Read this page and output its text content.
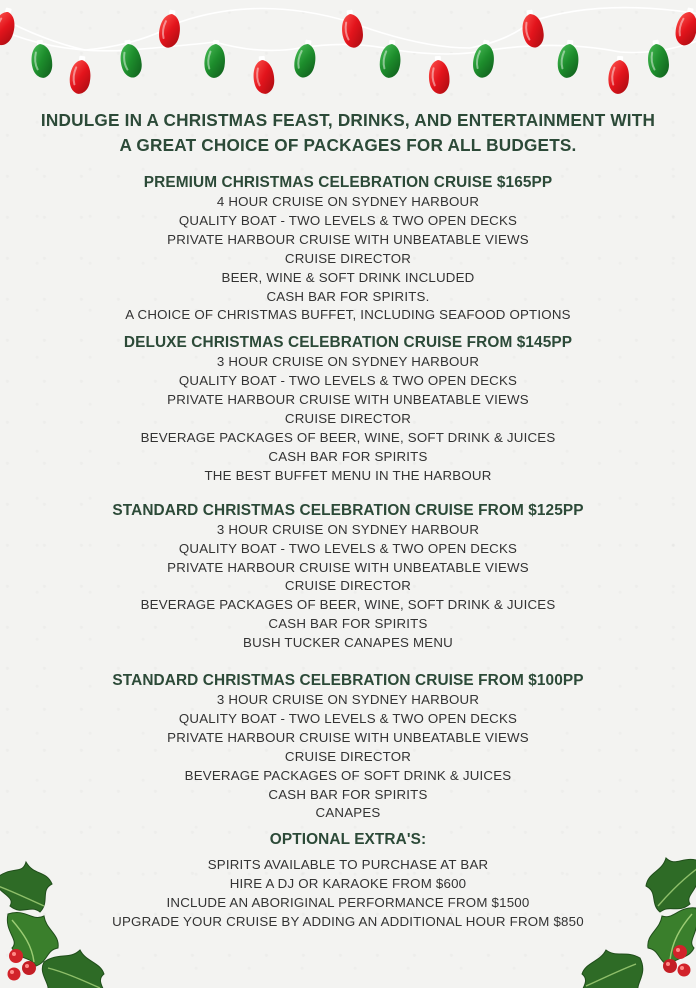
INDULGE IN A CHRISTMAS FEAST, DRINKS, AND ENTERTAINMENT WITH
A GREAT CHOICE OF PACKAGES FOR ALL BUDGETS.
PREMIUM CHRISTMAS CELEBRATION CRUISE $165PP
4 HOUR CRUISE ON SYDNEY HARBOUR
QUALITY BOAT - TWO LEVELS & TWO OPEN DECKS
PRIVATE HARBOUR CRUISE WITH UNBEATABLE VIEWS
CRUISE DIRECTOR
BEER, WINE & SOFT DRINK INCLUDED
CASH BAR FOR SPIRITS.
A CHOICE OF CHRISTMAS BUFFET, INCLUDING SEAFOOD OPTIONS
DELUXE CHRISTMAS CELEBRATION CRUISE FROM $145PP
3 HOUR CRUISE ON SYDNEY HARBOUR
QUALITY BOAT - TWO LEVELS & TWO OPEN DECKS
PRIVATE HARBOUR CRUISE WITH UNBEATABLE VIEWS
CRUISE DIRECTOR
BEVERAGE PACKAGES OF BEER, WINE, SOFT DRINK & JUICES
CASH BAR FOR SPIRITS
THE BEST BUFFET MENU IN THE HARBOUR
STANDARD CHRISTMAS CELEBRATION CRUISE FROM $125PP
3 HOUR CRUISE ON SYDNEY HARBOUR
QUALITY BOAT - TWO LEVELS & TWO OPEN DECKS
PRIVATE HARBOUR CRUISE WITH UNBEATABLE VIEWS
CRUISE DIRECTOR
BEVERAGE PACKAGES OF BEER, WINE, SOFT DRINK & JUICES
CASH BAR FOR SPIRITS
BUSH TUCKER CANAPES MENU
STANDARD CHRISTMAS CELEBRATION CRUISE FROM $100PP
3 HOUR CRUISE ON SYDNEY HARBOUR
QUALITY BOAT - TWO LEVELS & TWO OPEN DECKS
PRIVATE HARBOUR CRUISE WITH UNBEATABLE VIEWS
CRUISE DIRECTOR
BEVERAGE PACKAGES OF SOFT DRINK & JUICES
CASH BAR FOR SPIRITS
CANAPES
OPTIONAL EXTRA'S:
SPIRITS AVAILABLE TO PURCHASE AT BAR
HIRE A DJ OR KARAOKE FROM $600
INCLUDE AN ABORIGINAL PERFORMANCE FROM $1500
UPGRADE YOUR CRUISE BY ADDING AN ADDITIONAL HOUR FROM $850
